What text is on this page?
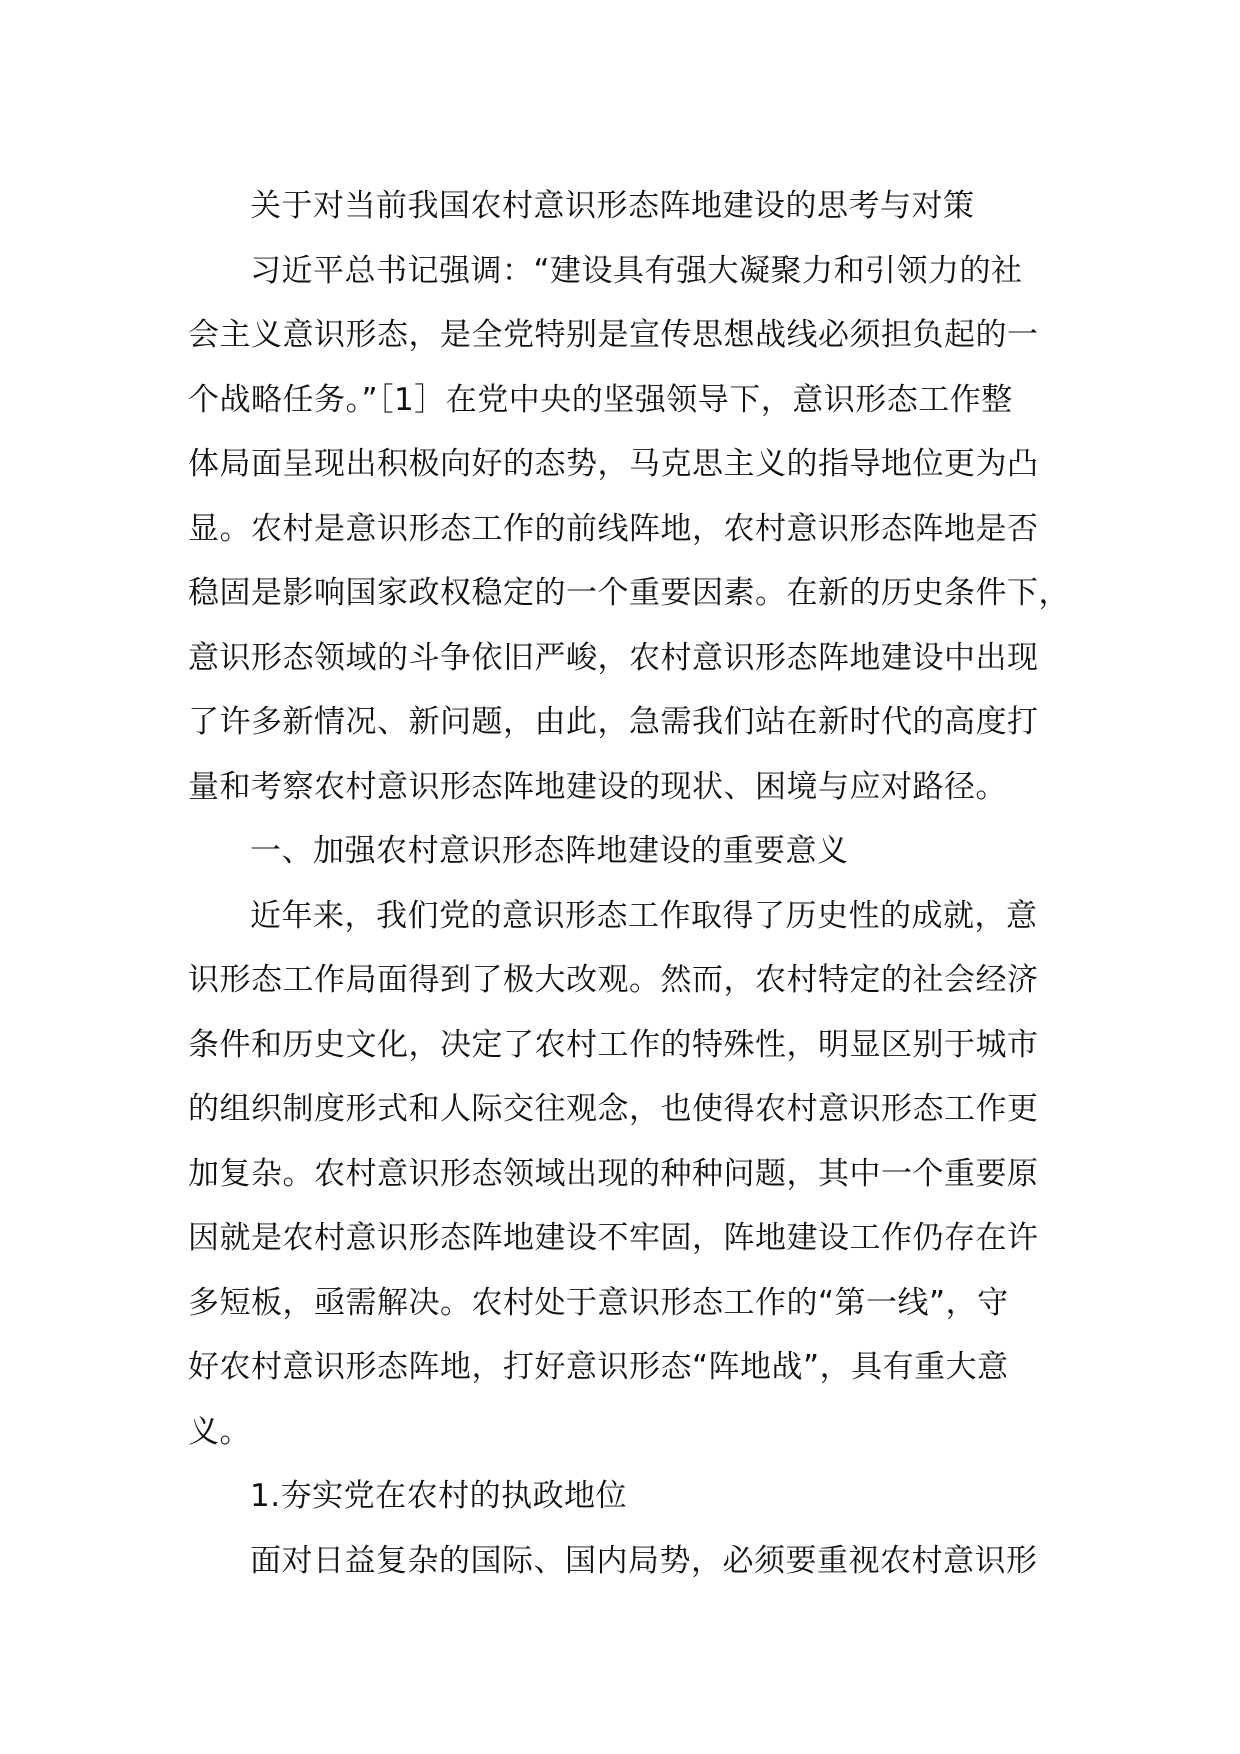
关于对当前我国农村意识形态阵地建设的思考与对策
习近平总书记强调：“建设具有强大凝聚力和引领力的社
会主义意识形态，是全党特别是宣传思想战线必须担负起的一
个战略任务。”［1］在党中央的坚强领导下，意识形态工作整
体局面呈现出积极向好的态势，马克思主义的指导地位更为凸
显。农村是意识形态工作的前线阵地，农村意识形态阵地是否
稳固是影响国家政权稳定的一个重要因素。在新的历史条件下，
意识形态领域的斗争依旧严峻，农村意识形态阵地建设中出现
了许多新情况、新问题，由此，急需我们站在新时代的高度打
量和考察农村意识形态阵地建设的现状、困境与应对路径。
一、加强农村意识形态阵地建设的重要意义
近年来，我们党的意识形态工作取得了历史性的成就，意
识形态工作局面得到了极大改观。然而，农村特定的社会经济
条件和历史文化，决定了农村工作的特殊性，明显区别于城市
的组织制度形式和人际交往观念，也使得农村意识形态工作更
加复杂。农村意识形态领域出现的种种问题，其中一个重要原
因就是农村意识形态阵地建设不牢固，阵地建设工作仍存在许
多短板，亟需解决。农村处于意识形态工作的“第一线”，守
好农村意识形态阵地，打好意识形态“阵地战”，具有重大意
义。
1.夯实党在农村的执政地位
面对日益复杂的国际、国内局势，必须要重视农村意识形
